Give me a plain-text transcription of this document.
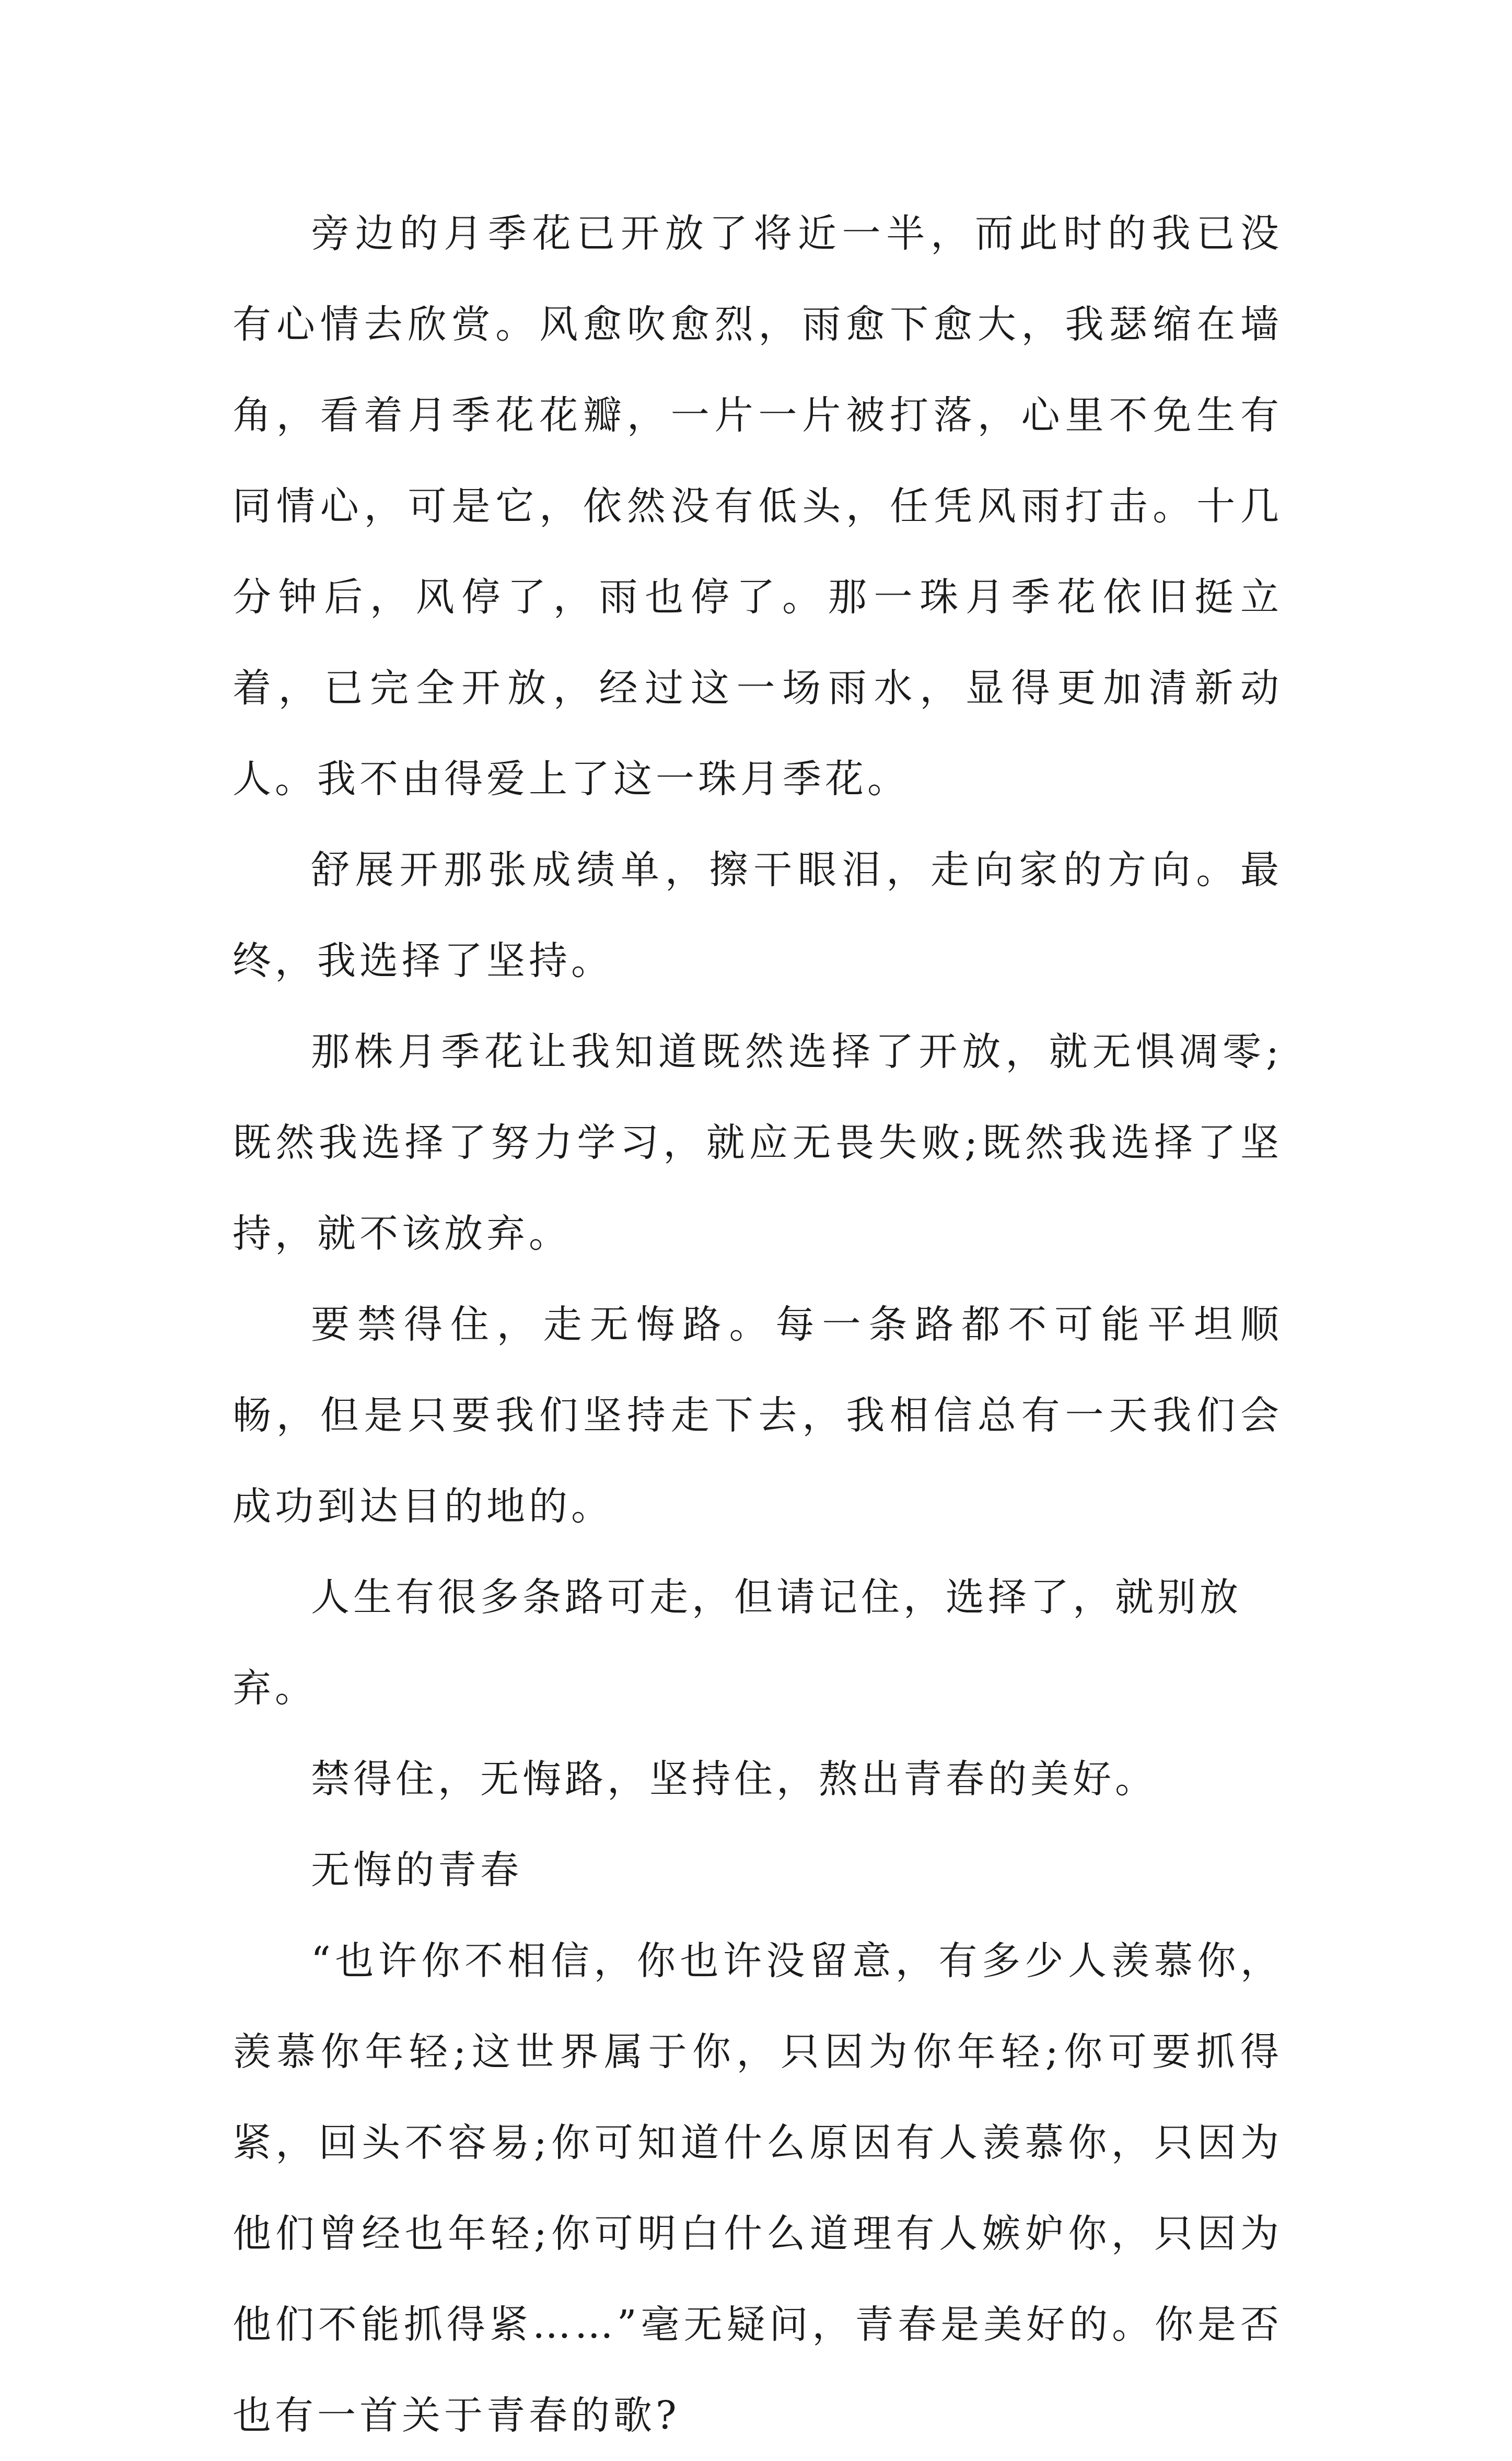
旁边的月季花已开放了将近一半，而此时的我已没有心情去欣赏。风愈吹愈烈，雨愈下愈大，我瑟缩在墙角，看着月季花花瓣，一片一片被打落，心里不免生有同情心，可是它，依然没有低头，任凭风雨打击。十几分钟后，风停了，雨也停了。那一珠月季花依旧挺立着，已完全开放，经过这一场雨水，显得更加清新动人。我不由得爱上了这一珠月季花。

舒展开那张成绩单，擦干眼泪，走向家的方向。最终，我选择了坚持。

那株月季花让我知道既然选择了开放，就无惧凋零;既然我选择了努力学习，就应无畏失败;既然我选择了坚持，就不该放弃。

要禁得住，走无悔路。每一条路都不可能平坦顺畅，但是只要我们坚持走下去，我相信总有一天我们会成功到达目的地的。

人生有很多条路可走，但请记住，选择了，就别放弃。

禁得住，无悔路，坚持住，熬出青春的美好。

无悔的青春

“也许你不相信，你也许没留意，有多少人羡慕你，羡慕你年轻;这世界属于你，只因为你年轻;你可要抓得紧，回头不容易;你可知道什么原因有人羡慕你，只因为他们曾经也年轻;你可明白什么道理有人嫉妒你，只因为他们不能抓得紧……”毫无疑问，青春是美好的。你是否也有一首关于青春的歌?
